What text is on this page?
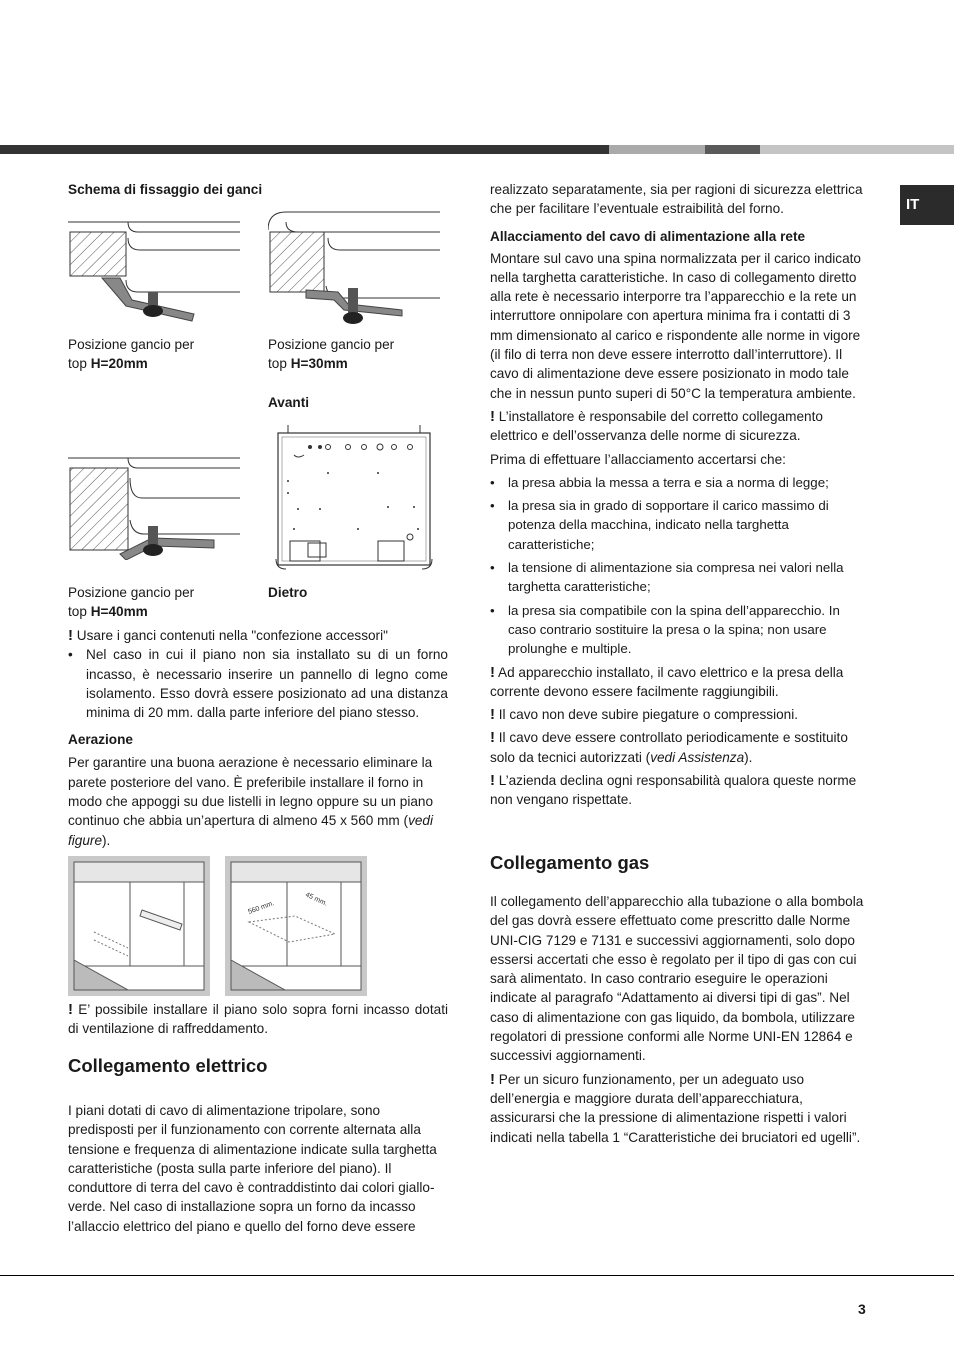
IT

Schema di fissaggio dei ganci

Posizione gancio per
top H=20mm
Posizione gancio per
top H=30mm
Avanti
Posizione gancio per
top H=40mm
Dietro

! Usare i ganci contenuti nella "confezione accessori"

• Nel caso in cui il piano non sia installato su di un forno incasso, è necessario inserire un pannello di legno come isolamento. Esso dovrà essere posizionato ad una distanza minima di 20 mm. dalla parte inferiore del piano stesso.

Aerazione

Per garantire una buona aerazione è necessario eliminare la parete posteriore del vano. È preferibile installare il forno in modo che appoggi su due listelli in legno oppure su un piano continuo che abbia un’apertura di almeno 45 x 560 mm (vedi figure).

560 mm.
45 mm.

! E’ possibile installare il piano solo sopra forni incasso dotati di ventilazione di raffreddamento.

Collegamento elettrico

I piani dotati di cavo di alimentazione tripolare, sono predisposti per il funzionamento con corrente alternata alla tensione e frequenza di alimentazione indicate sulla targhetta caratteristiche (posta sulla parte inferiore del piano). Il conduttore di terra del cavo è contraddistinto dai colori giallo-verde. Nel caso di installazione sopra un forno da incasso l’allaccio elettrico del piano e quello del forno deve essere

realizzato separatamente, sia per ragioni di sicurezza elettrica che per facilitare l’eventuale estraibilità del forno.

Allacciamento del cavo di alimentazione alla rete

Montare sul cavo una spina normalizzata per il carico indicato nella targhetta caratteristiche. In caso di collegamento diretto alla rete è necessario interporre tra l’apparecchio e la rete un interruttore onnipolare con apertura minima fra i contatti di 3 mm dimensionato al carico e rispondente alle norme in vigore (il filo di terra non deve essere interrotto dall’interruttore). Il cavo di alimentazione deve essere posizionato in modo tale che in nessun punto superi di 50°C la temperatura ambiente.

! L’installatore è responsabile del corretto collegamento elettrico e dell’osservanza delle norme di sicurezza.

Prima di effettuare l’allacciamento accertarsi che:

• la presa abbia la messa a terra e sia a norma di legge;
• la presa sia in grado di sopportare il carico massimo di potenza della macchina, indicato nella targhetta caratteristiche;
• la tensione di alimentazione sia compresa nei valori nella targhetta caratteristiche;
• la presa sia compatibile con la spina dell’apparecchio. In caso contrario sostituire la presa o la spina; non usare prolunghe e multiple.

! Ad apparecchio installato, il cavo elettrico e la presa della corrente devono essere facilmente raggiungibili.

! Il cavo non deve subire piegature o compressioni.

! Il cavo deve essere controllato periodicamente e sostituito solo da tecnici autorizzati (vedi Assistenza).

! L’azienda declina ogni responsabilità qualora queste norme non vengano rispettate.

Collegamento gas

Il collegamento dell’apparecchio alla tubazione o alla bombola del gas dovrà essere effettuato come prescritto dalle Norme UNI-CIG 7129 e 7131 e successivi aggiornamenti, solo dopo essersi accertati che esso è regolato per il tipo di gas con cui sarà alimentato. In caso contrario eseguire le operazioni indicate al paragrafo “Adattamento ai diversi tipi di gas”. Nel caso di alimentazione con gas liquido, da bombola, utilizzare regolatori di pressione conformi alle Norme UNI-EN 12864 e successivi aggiornamenti.

! Per un sicuro funzionamento, per un adeguato uso dell’energia e maggiore durata dell’apparecchiatura, assicurarsi che la pressione di alimentazione rispetti i valori indicati nella tabella 1 “Caratteristiche dei bruciatori ed ugelli”.

3
